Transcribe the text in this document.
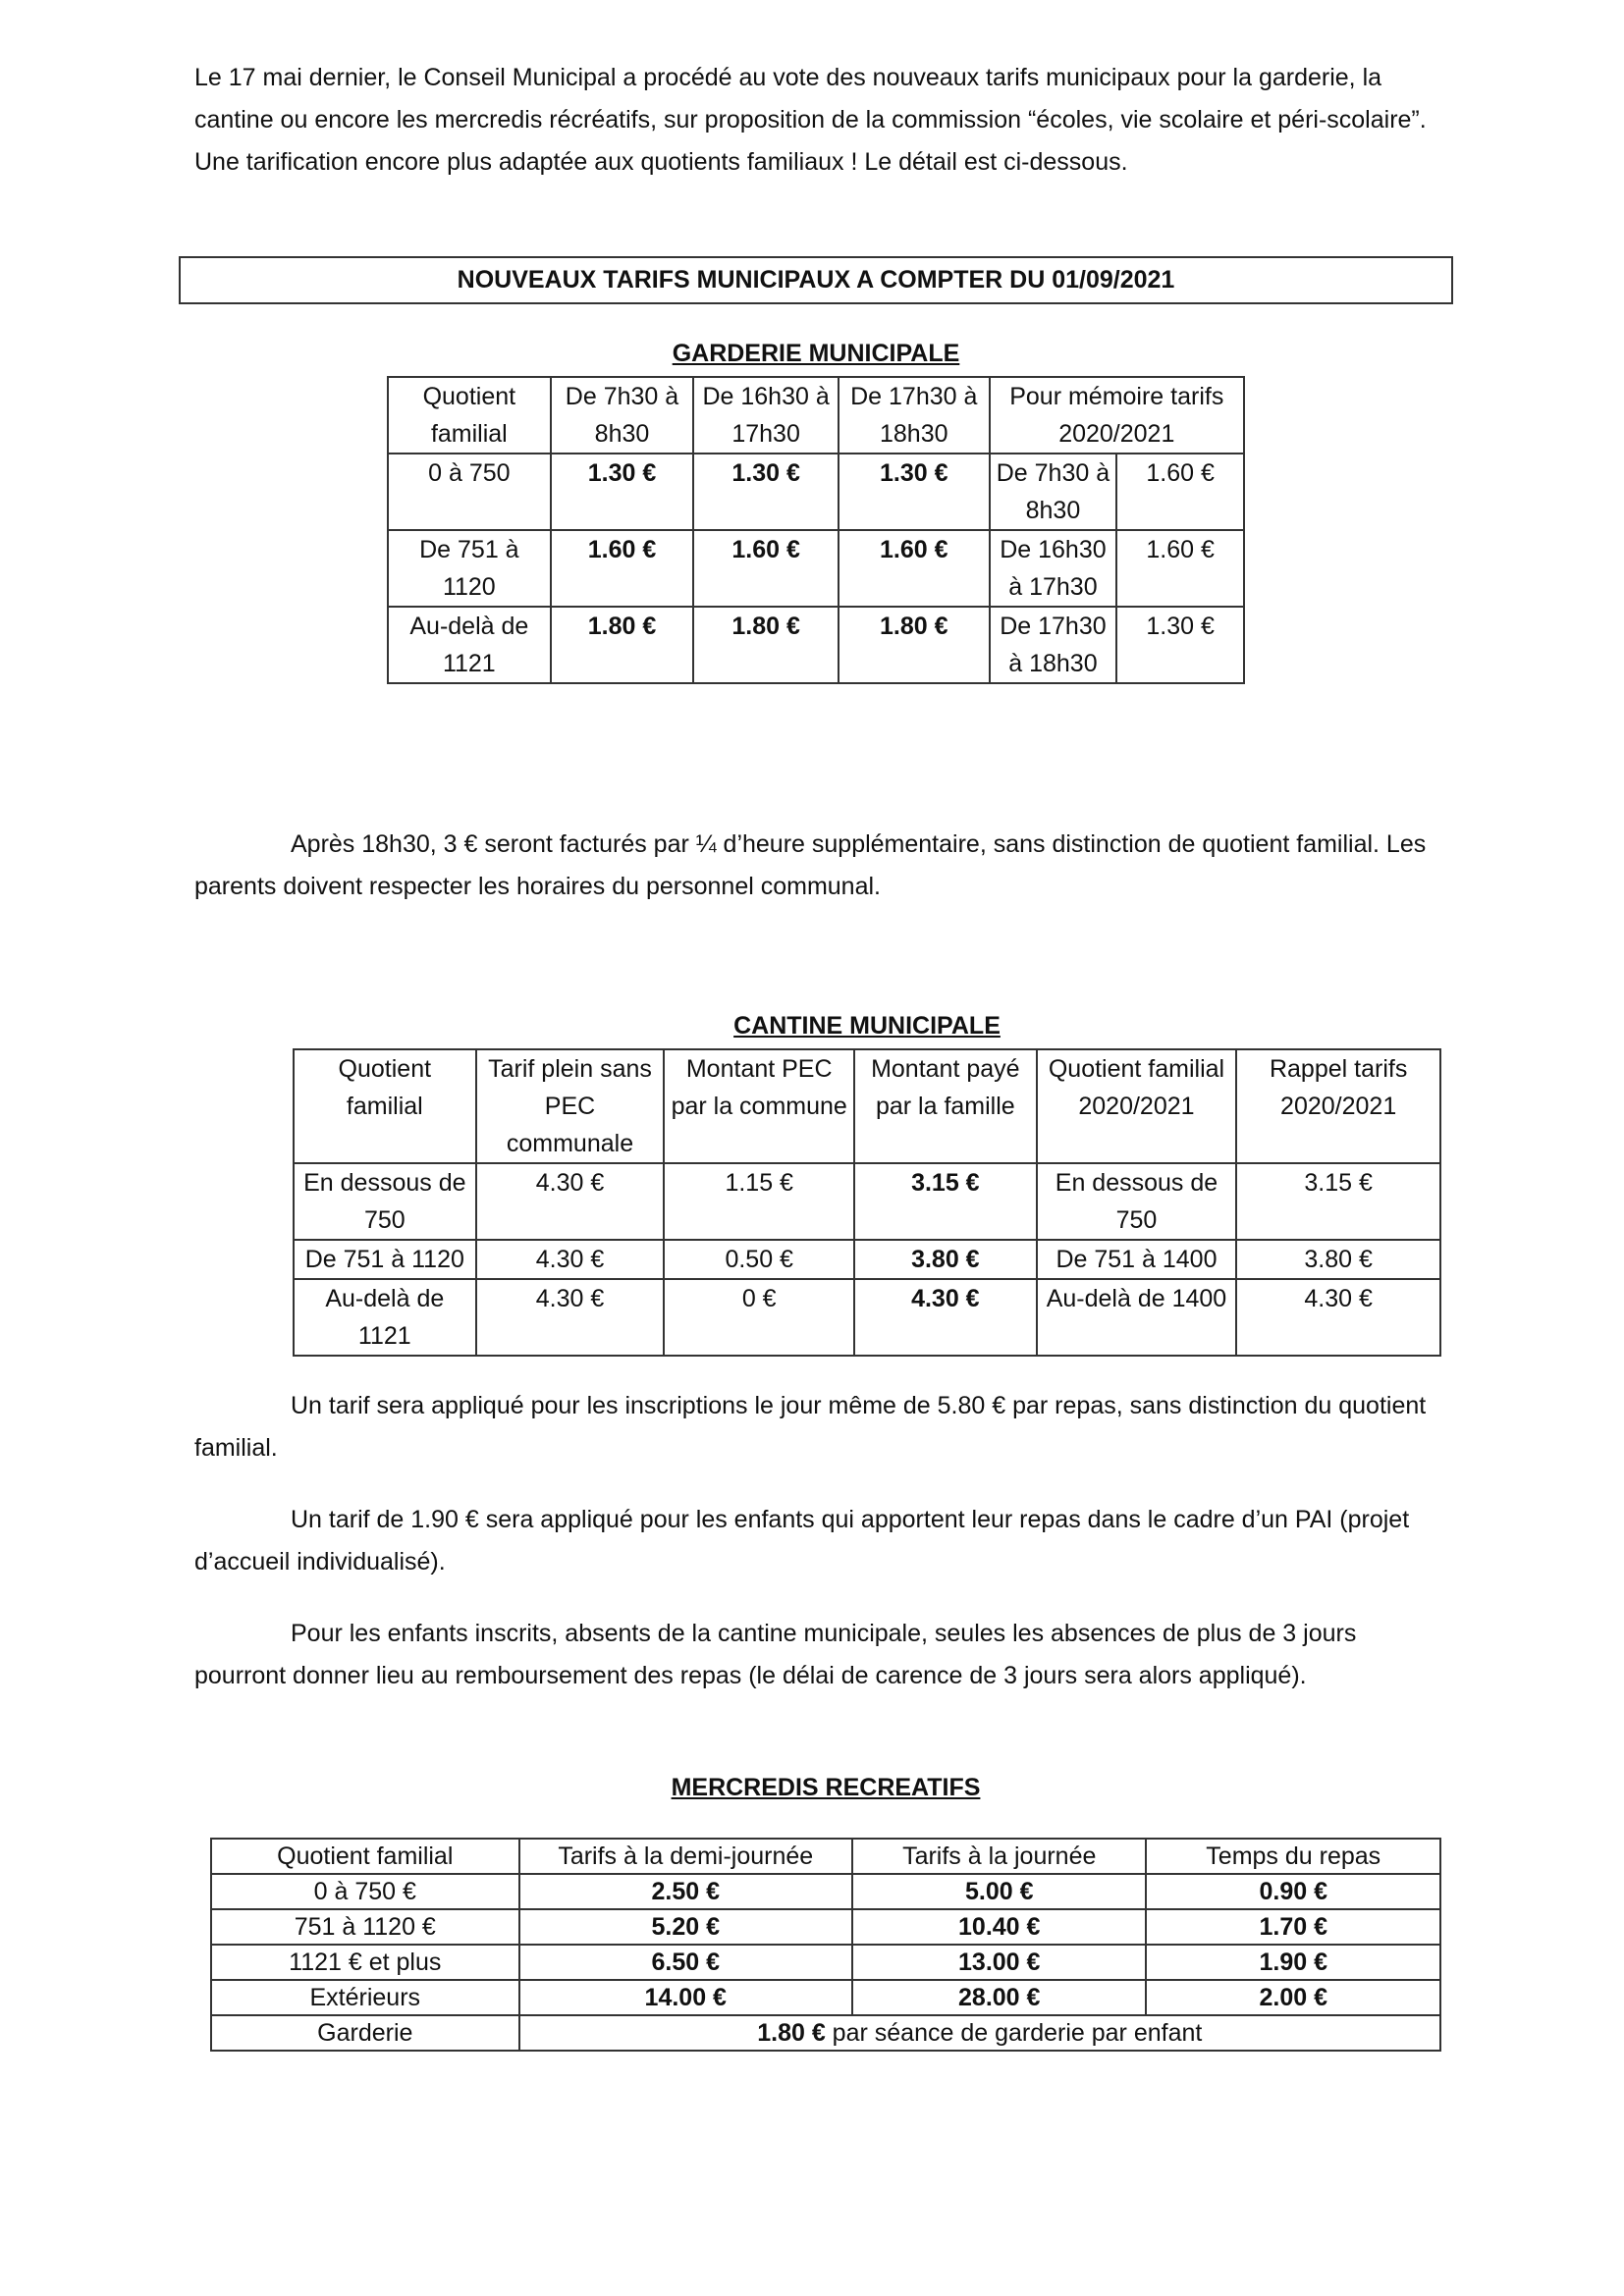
Le 17 mai dernier, le Conseil Municipal a procédé au vote des nouveaux tarifs municipaux pour la garderie, la cantine ou encore les mercredis récréatifs, sur proposition de la commission “écoles, vie scolaire et péri-scolaire”. Une tarification encore plus adaptée aux quotients familiaux ! Le détail est ci-dessous.

NOUVEAUX TARIFS MUNICIPAUX A COMPTER DU 01/09/2021
GARDERIE MUNICIPALE
Quotient familial	De 7h30 à 8h30	De 16h30 à 17h30	De 17h30 à 18h30	Pour mémoire tarifs 2020/2021	
0 à 750	1.30 €	1.30 €	1.30 €	De 7h30 à 8h30	1.60 €
De 751 à 1120	1.60 €	1.60 €	1.60 €	De 16h30 à 17h30	1.60 €
Au-delà de 1121	1.80 €	1.80 €	1.80 €	De 17h30 à 18h30	1.30 €

Après 18h30, 3 € seront facturés par ¼ d’heure supplémentaire, sans distinction de quotient familial. Les parents doivent respecter les horaires du personnel communal.

CANTINE MUNICIPALE
Quotient familial	Tarif plein sans PEC communale	Montant PEC par la commune	Montant payé par la famille	Quotient familial 2020/2021	Rappel tarifs 2020/2021
En dessous de 750	4.30 €	1.15 €	3.15 €	En dessous de 750	3.15 €
De 751 à 1120	4.30 €	0.50 €	3.80 €	De 751 à 1400	3.80 €
Au-delà de 1121	4.30 €	0 €	4.30 €	Au-delà de 1400	4.30 €

Un tarif sera appliqué pour les inscriptions le jour même de 5.80 € par repas, sans distinction du quotient familial.

Un tarif de 1.90 € sera appliqué pour les enfants qui apportent leur repas dans le cadre d’un PAI (projet d’accueil individualisé).

Pour les enfants inscrits, absents de la cantine municipale, seules les absences de plus de 3 jours pourront donner lieu au remboursement des repas (le délai de carence de 3 jours sera alors appliqué).

MERCREDIS RECREATIFS
Quotient familial	Tarifs à la demi-journée	Tarifs à la journée	Temps du repas
0 à 750 €	2.50 €	5.00 €	0.90 €
751 à 1120 €	5.20 €	10.40 €	1.70 €
1121 € et plus	6.50 €	13.00 €	1.90 €
Extérieurs	14.00 €	28.00 €	2.00 €
Garderie	1.80 € par séance de garderie par enfant		
